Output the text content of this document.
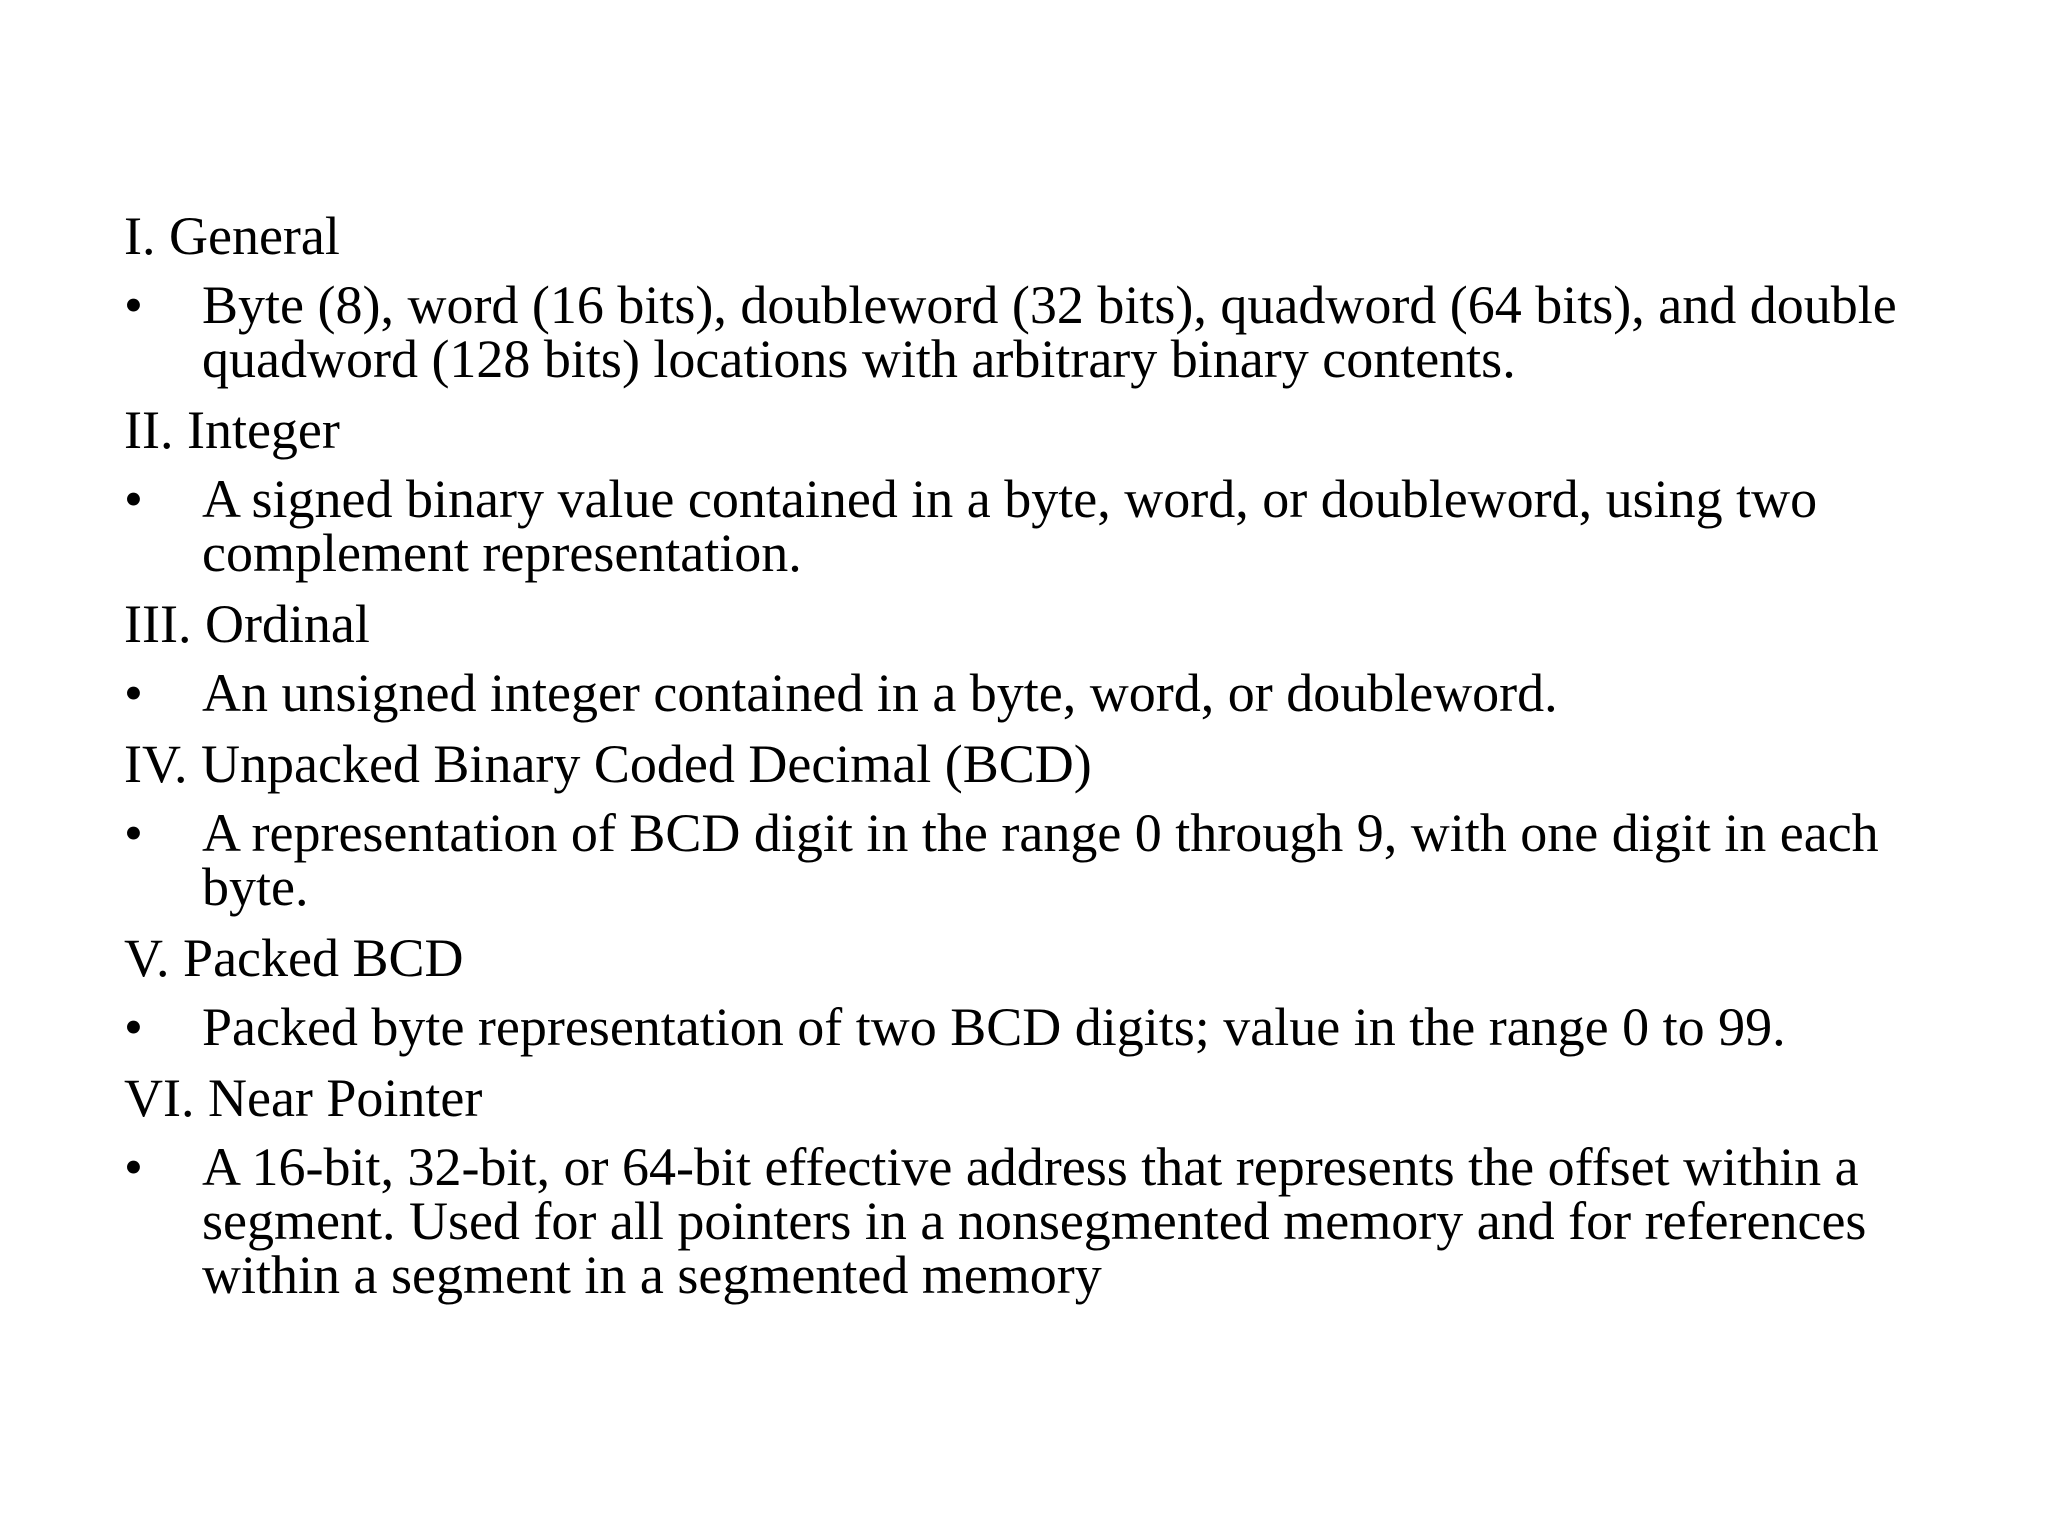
I. General
•	Byte (8), word (16 bits), doubleword (32 bits), quadword (64 bits), and double quadword (128 bits) locations with arbitrary binary contents.
II. Integer
•	A signed binary value contained in a byte, word, or doubleword, using two complement representation.
III. Ordinal
•	An unsigned integer contained in a byte, word, or doubleword.
IV. Unpacked Binary Coded Decimal (BCD)
•	A representation of BCD digit in the range 0 through 9, with one digit in each byte.
V. Packed BCD
•	Packed byte representation of two BCD digits; value in the range 0 to 99.
VI. Near Pointer
•	A 16-bit, 32-bit, or 64-bit effective address that represents the offset within a segment. Used for all pointers in a nonsegmented memory and for references within a segment in a segmented memory
